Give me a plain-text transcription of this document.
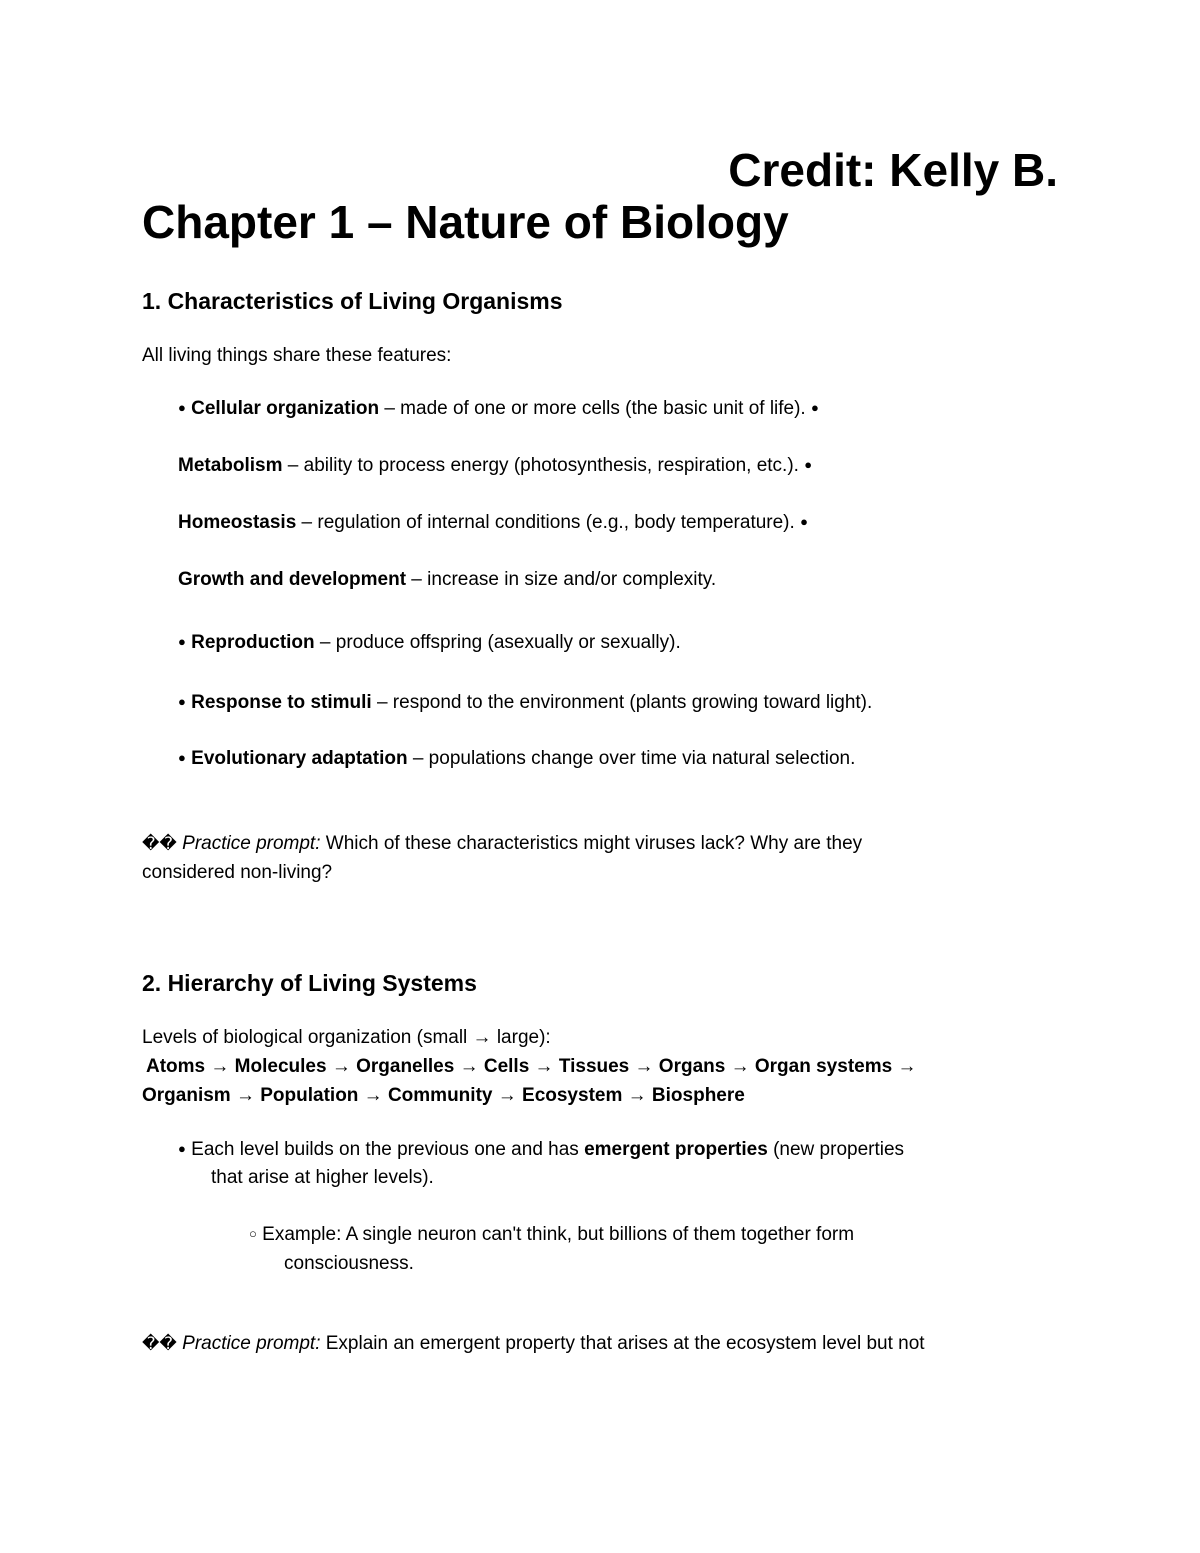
Credit: Kelly B.
Chapter 1 – Nature of Biology
1. Characteristics of Living Organisms
All living things share these features:
● Cellular organization – made of one or more cells (the basic unit of life). ●
Metabolism – ability to process energy (photosynthesis, respiration, etc.). ●
Homeostasis – regulation of internal conditions (e.g., body temperature). ●
Growth and development – increase in size and/or complexity.
● Reproduction – produce offspring (asexually or sexually).
● Response to stimuli – respond to the environment (plants growing toward light).
● Evolutionary adaptation – populations change over time via natural selection.
�� Practice prompt: Which of these characteristics might viruses lack? Why are they
considered non-living?
2. Hierarchy of Living Systems
Levels of biological organization (small → large):
Atoms → Molecules → Organelles → Cells → Tissues → Organs → Organ systems →
Organism → Population → Community → Ecosystem → Biosphere
● Each level builds on the previous one and has emergent properties (new properties
that arise at higher levels).
○ Example: A single neuron can't think, but billions of them together form
consciousness.
�� Practice prompt: Explain an emergent property that arises at the ecosystem level but not
